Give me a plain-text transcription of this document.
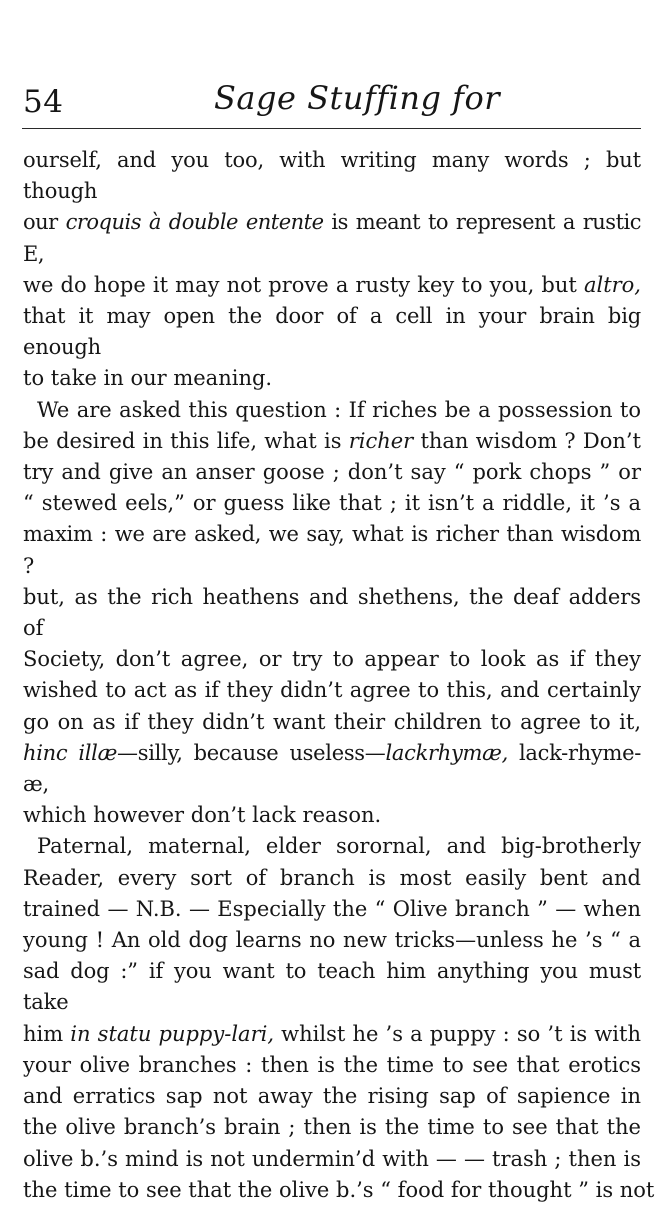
54	Sage Stuffing for
ourself, and you too, with writing many words ; but though
our croquis à double entente is meant to represent a rustic E,
we do hope it may not prove a rusty key to you, but altro,
that it may open the door of a cell in your brain big enough
to take in our meaning.
We are asked this question : If riches be a possession to
be desired in this life, what is richer than wisdom ? Don’t
try and give an anser goose ; don’t say “ pork chops ” or
“ stewed eels,” or guess like that ; it isn’t a riddle, it ’s a
maxim : we are asked, we say, what is richer than wisdom ?
but, as the rich heathens and shethens, the deaf adders of
Society, don’t agree, or try to appear to look as if they
wished to act as if they didn’t agree to this, and certainly
go on as if they didn’t want their children to agree to it,
hinc illæ—silly, because useless—lackrhymæ, lack-rhyme-æ,
which however don’t lack reason.
Paternal, maternal, elder sorornal, and big-brotherly
Reader, every sort of branch is most easily bent and
trained — N.B. — Especially the “ Olive branch ” — when
young ! An old dog learns no new tricks—unless he ’s “ a
sad dog :” if you want to teach him anything you must take
him in statu puppy-lari, whilst he ’s a puppy : so ’t is with
your olive branches : then is the time to see that erotics
and erratics sap not away the rising sap of sapience in
the olive branch’s brain ; then is the time to see that the
olive b.’s mind is not undermin’d with — — trash ; then is
the time to see that the olive b.’s “ food for thought ” is not
